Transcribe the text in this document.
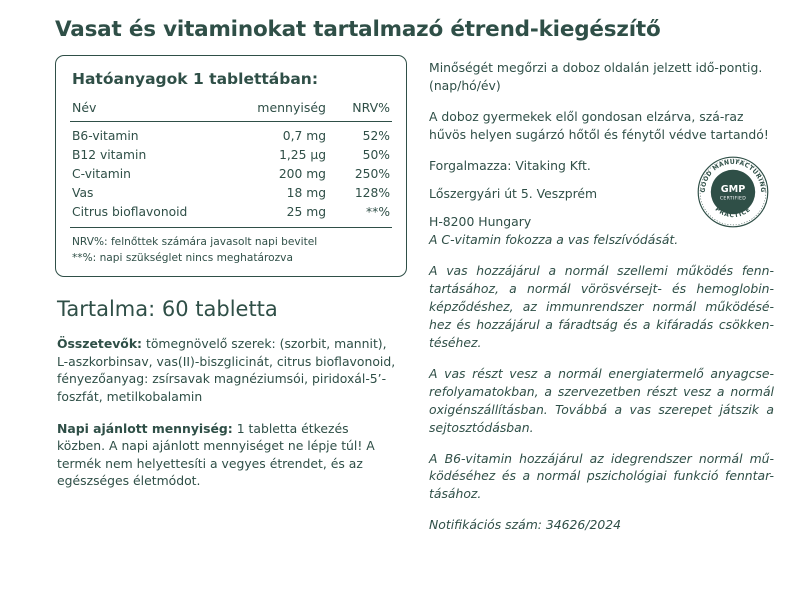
Vasat és vitaminokat tartalmazó étrend-kiegészítő
Hatóanyagok 1 tablettában:
Név	mennyiség	NRV%
B6-vitamin	0,7 mg	52%
B12 vitamin	1,25 µg	50%
C-vitamin	200 mg	250%
Vas	18 mg	128%
Citrus bioflavonoid	25 mg	**%
NRV%: felnőttek számára javasolt napi bevitel
**%: napi szükséglet nincs meghatározva
Tartalma: 60 tabletta

Összetevők: tömegnövelő szerek: (szorbit, mannit), L-aszkorbinsav, vas(II)-biszglicinát, citrus bioflavonoid, fényezőanyag: zsírsavak magnéziumsói, piridoxál-5’-foszfát, metilkobalamin

Napi ajánlott mennyiség: 1 tabletta étkezés közben. A napi ajánlott mennyiséget ne lépje túl! A termék nem helyettesíti a vegyes étrendet, és az egészséges életmódot.

Minőségét megőrzi a doboz oldalán jelzett idő-pontig. (nap/hó/év)

A doboz gyermekek elől gondosan elzárva, szá-raz hűvös helyen sugárzó hőtől és fénytől védve tartandó!

Forgalmazza: Vitaking Kft.

Lőszergyári út 5. Veszprém

H-8200 Hungary

GOOD MANUFACTURING
PRACTICE
GMP
CERTIFIED

A C-vitamin fokozza a vas felszívódását.

A vas hozzájárul a normál szellemi működés fenn-tartásához, a normál vörösvérsejt- és hemoglobin-képződéshez, az immunrendszer normál működésé-hez és hozzájárul a fáradtság és a kifáradás csökken-téséhez.

A vas részt vesz a normál energiatermelő anyagcse-refolyamatokban, a szervezetben részt vesz a normál oxigénszállításban. Továbbá a vas szerepet játszik a sejtosztódásban.

A B6-vitamin hozzájárul az idegrendszer normál mű-ködéséhez és a normál pszichológiai funkció fenntar-tásához.

Notifikációs szám: 34626/2024
